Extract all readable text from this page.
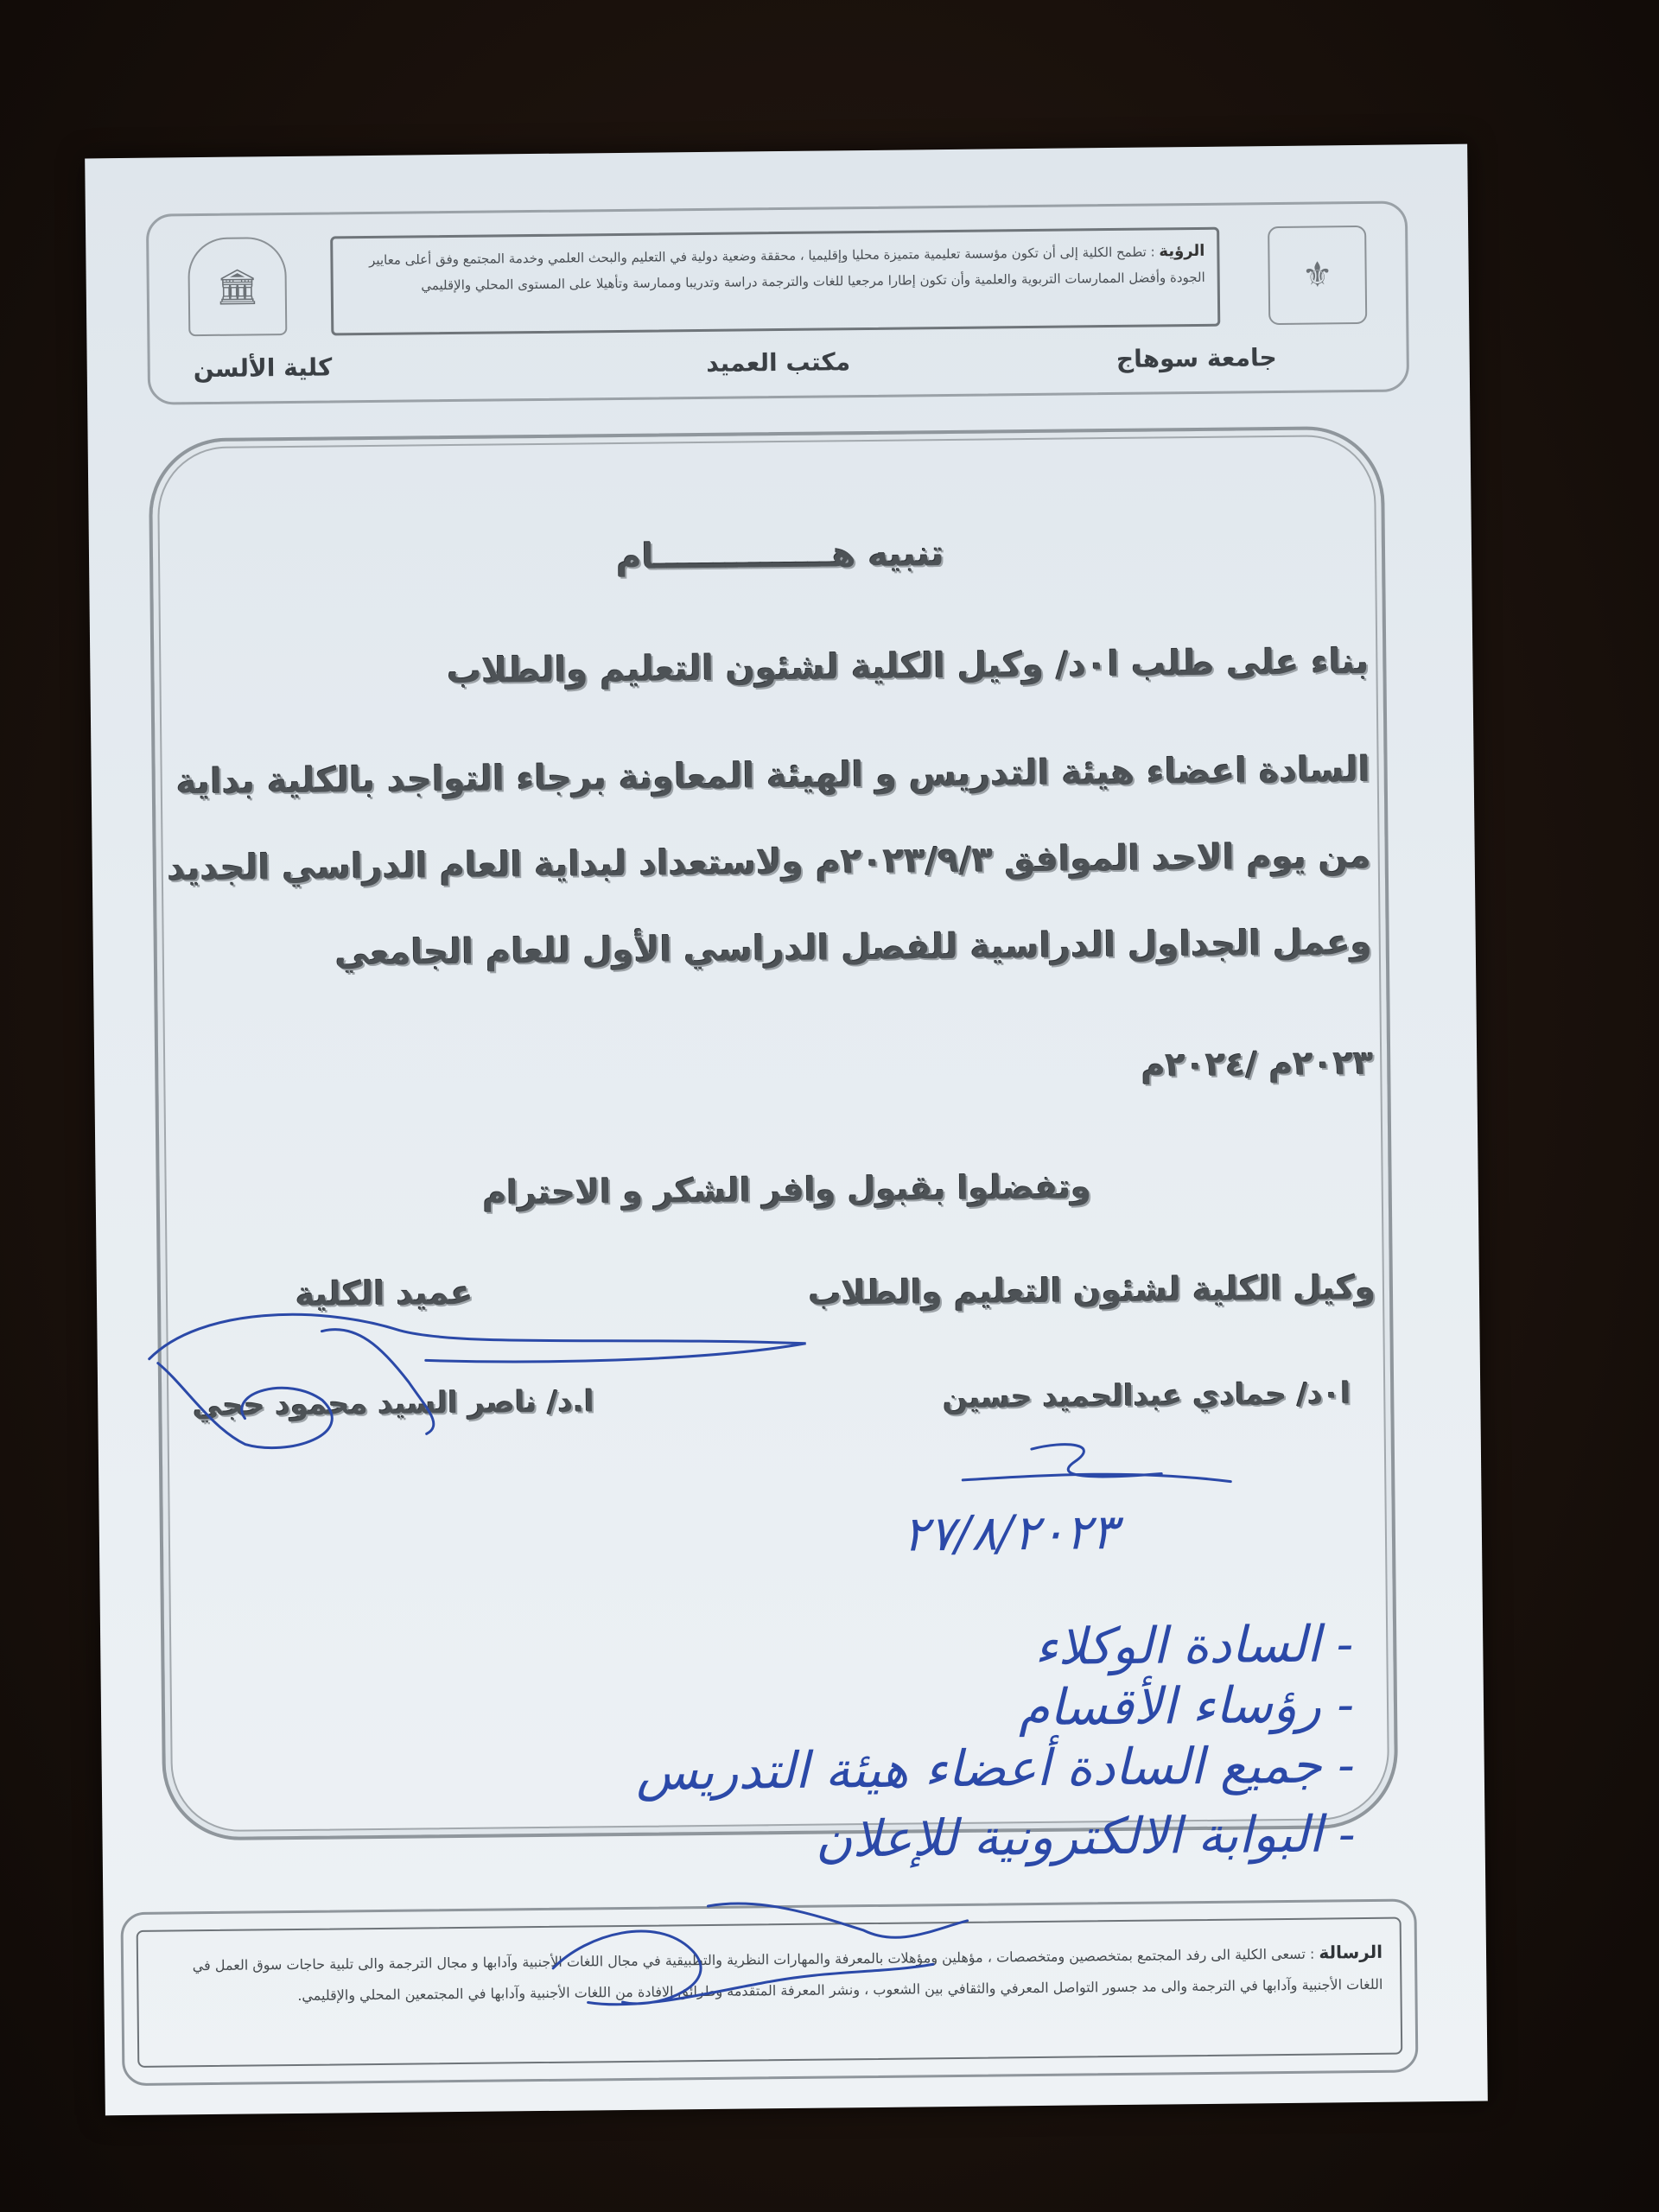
⚜
الرؤية : تطمح الكلية إلى أن تكون مؤسسة تعليمية متميزة محليا وإقليميا ، محققة وضعية دولية في التعليم والبحث العلمي وخدمة المجتمع وفق أعلى معايير الجودة وأفضل الممارسات التربوية والعلمية وأن تكون إطارا مرجعيا للغات والترجمة دراسة وتدريبا وممارسة وتأهيلا على المستوى المحلي والإقليمي
🏛
جامعة سوهاج
مكتب العميد
كلية الألسن
تنبيه هـــــــــــــــام
بناء على طلب ا٠د/ وكيل الكلية لشئون التعليم والطلاب
السادة اعضاء هيئة التدريس و الهيئة المعاونة برجاء التواجد بالكلية بداية
من يوم الاحد الموافق ٢٠٢٣/٩/٣م ولاستعداد لبداية العام الدراسي الجديد
وعمل الجداول الدراسية للفصل الدراسي الأول للعام الجامعي
٢٠٢٣م /٢٠٢٤م
وتفضلوا بقبول وافر الشكر و الاحترام
وكيل الكلية لشئون التعليم والطلاب
عميد الكلية
ا٠د/ حمادي عبدالحميد حسين
ا.د/ ناصر السيد محمود حجي
٢٧/٨/٢٠٢٣
- السادة الوكلاء
- رؤساء الأقسام
- جميع السادة أعضاء هيئة التدريس
- البوابة الالكترونية للإعلان
الرسالة : تسعى الكلية الى رفد المجتمع بمتخصصين ومتخصصات ، مؤهلين ومؤهلات بالمعرفة والمهارات النظرية والتطبيقية في مجال اللغات الأجنبية وآدابها و مجال الترجمة والى تلبية حاجات سوق العمل في اللغات الأجنبية وآدابها في الترجمة والى مد جسور التواصل المعرفي والثقافي بين الشعوب ، ونشر المعرفة المتقدمة وطرائق الافادة من اللغات الأجنبية وآدابها في المجتمعين المحلي والإقليمي.
